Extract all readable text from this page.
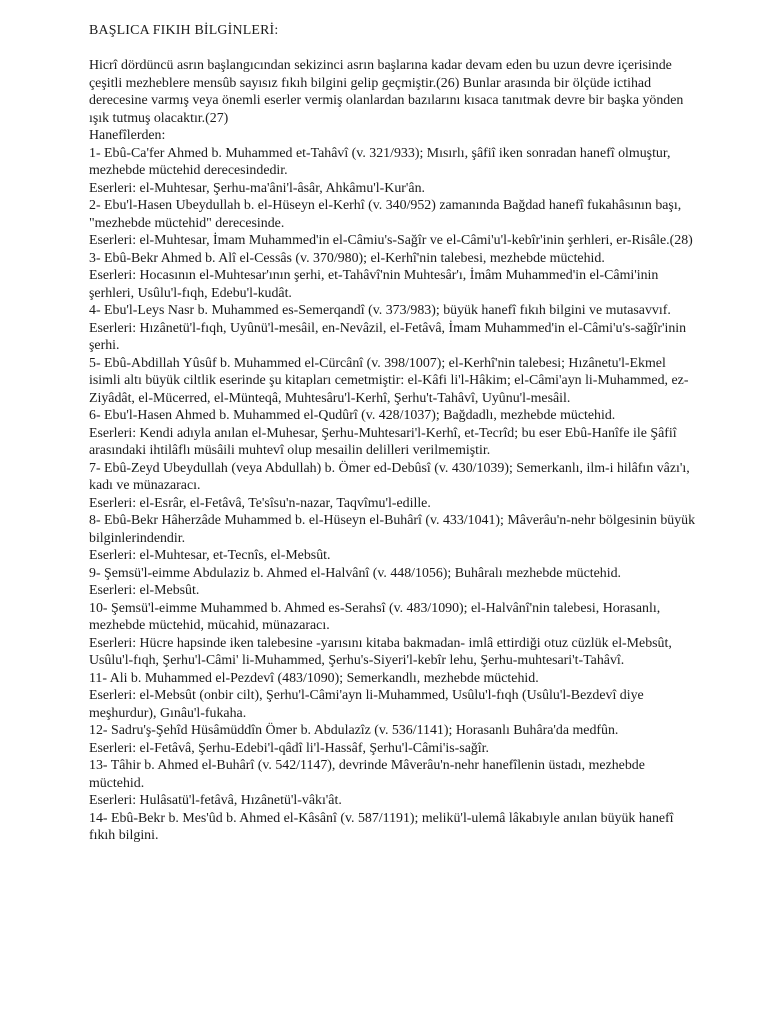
BAŞLICA FIKIH BİLGİNLERİ:

Hicrî dördüncü asrın başlangıcından sekizinci asrın başlarına kadar devam eden bu uzun devre içerisinde çeşitli mezheblere mensûb sayısız fıkıh bilgini gelip geçmiştir.(26) Bunlar arasında bir ölçüde ictihad derecesine varmış veya önemli eserler vermiş olanlardan bazılarını kısaca tanıtmak devre bir başka yönden ışık tutmuş olacaktır.(27)

Hanefîlerden:

1- Ebû-Ca'fer Ahmed b. Muhammed et-Tahâvî (v. 321/933); Mısırlı, şâfiî iken sonradan hanefî olmuştur, mezhebde müctehid derecesindedir.

Eserleri: el-Muhtesar, Şerhu-ma'âni'l-âsâr, Ahkâmu'l-Kur'ân.

2- Ebu'l-Hasen Ubeydullah b. el-Hüseyn el-Kerhî (v. 340/952) zamanında Bağdad hanefî fukahâsının başı, "mezhebde müctehid" derecesinde.

Eserleri: el-Muhtesar, İmam Muhammed'in el-Câmiu's-Sağîr ve el-Câmi'u'l-kebîr'inin şerhleri, er-Risâle.(28)

3- Ebû-Bekr Ahmed b. Alî el-Cessâs (v. 370/980); el-Kerhî'nin talebesi, mezhebde müctehid.

Eserleri: Hocasının el-Muhtesar'ının şerhi, et-Tahâvî'nin Muhtesâr'ı, İmâm Muhammed'in el-Câmi'inin şerhleri, Usûlu'l-fıqh, Edebu'l-kudât.

4- Ebu'l-Leys Nasr b. Muhammed es-Semerqandî (v. 373/983); büyük hanefî fıkıh bilgini ve mutasavvıf.

Eserleri: Hızânetü'l-fıqh, Uyûnü'l-mesâil, en-Nevâzil, el-Fetâvâ, İmam Muhammed'in el-Câmi'u's-sağîr'inin şerhi.

5- Ebû-Abdillah Yûsûf b. Muhammed el-Cürcânî (v. 398/1007); el-Kerhî'nin talebesi; Hızânetu'l-Ekmel isimli altı büyük ciltlik eserinde şu kitapları cemetmiştir: el-Kâfi li'l-Hâkim; el-Câmi'ayn li-Muhammed, ez-Ziyâdât, el-Mücerred, el-Münteqâ, Muhtesâru'l-Kerhî, Şerhu't-Tahâvî, Uyûnu'l-mesâil.

6- Ebu'l-Hasen Ahmed b. Muhammed el-Qudûrî (v. 428/1037); Bağdadlı, mezhebde müctehid.

Eserleri: Kendi adıyla anılan el-Muhesar, Şerhu-Muhtesari'l-Kerhî, et-Tecrîd; bu eser Ebû-Hanîfe ile Şâfiî arasındaki ihtilâflı müsâili muhtevî olup mesailin delilleri verilmemiştir.

7- Ebû-Zeyd Ubeydullah (veya Abdullah) b. Ömer ed-Debûsî (v. 430/1039); Semerkanlı, ilm-i hilâfın vâzı'ı, kadı ve münazaracı.

Eserleri: el-Esrâr, el-Fetâvâ, Te'sîsu'n-nazar, Taqvîmu'l-edille.

8- Ebû-Bekr Hâherzâde Muhammed b. el-Hüseyn el-Buhârî (v. 433/1041); Mâverâu'n-nehr bölgesinin büyük bilginlerindendir.

Eserleri: el-Muhtesar, et-Tecnîs, el-Mebsût.

9- Şemsü'l-eimme Abdulaziz b. Ahmed el-Halvânî (v. 448/1056); Buhâralı mezhebde müctehid.

Eserleri: el-Mebsût.

10- Şemsü'l-eimme Muhammed b. Ahmed es-Serahsî (v. 483/1090); el-Halvânî'nin talebesi, Horasanlı, mezhebde müctehid, mücahid, münazaracı.

Eserleri: Hücre hapsinde iken talebesine -yarısını kitaba bakmadan- imlâ ettirdiği otuz cüzlük el-Mebsût, Usûlu'l-fıqh, Şerhu'l-Câmi' li-Muhammed, Şerhu's-Siyeri'l-kebîr lehu, Şerhu-muhtesari't-Tahâvî.

11- Ali b. Muhammed el-Pezdevî (483/1090); Semerkandlı, mezhebde müctehid.

Eserleri: el-Mebsût (onbir cilt), Şerhu'l-Câmi'ayn li-Muhammed, Usûlu'l-fıqh (Usûlu'l-Bezdevî diye meşhurdur), Gınâu'l-fukaha.

12- Sadru'ş-Şehîd Hüsâmüddîn Ömer b. Abdulazîz (v. 536/1141); Horasanlı Buhâra'da medfûn.

Eserleri: el-Fetâvâ, Şerhu-Edebi'l-qâdî li'l-Hassâf, Şerhu'l-Câmi'is-sağîr.

13- Tâhir b. Ahmed el-Buhârî (v. 542/1147), devrinde Mâverâu'n-nehr hanefîlenin üstadı, mezhebde müctehid.

Eserleri: Hulâsatü'l-fetâvâ, Hızânetü'l-vâkı'ât.

14- Ebû-Bekr b. Mes'ûd b. Ahmed el-Kâsânî (v. 587/1191); melikü'l-ulemâ lâkabıyle anılan büyük hanefî fıkıh bilgini.
